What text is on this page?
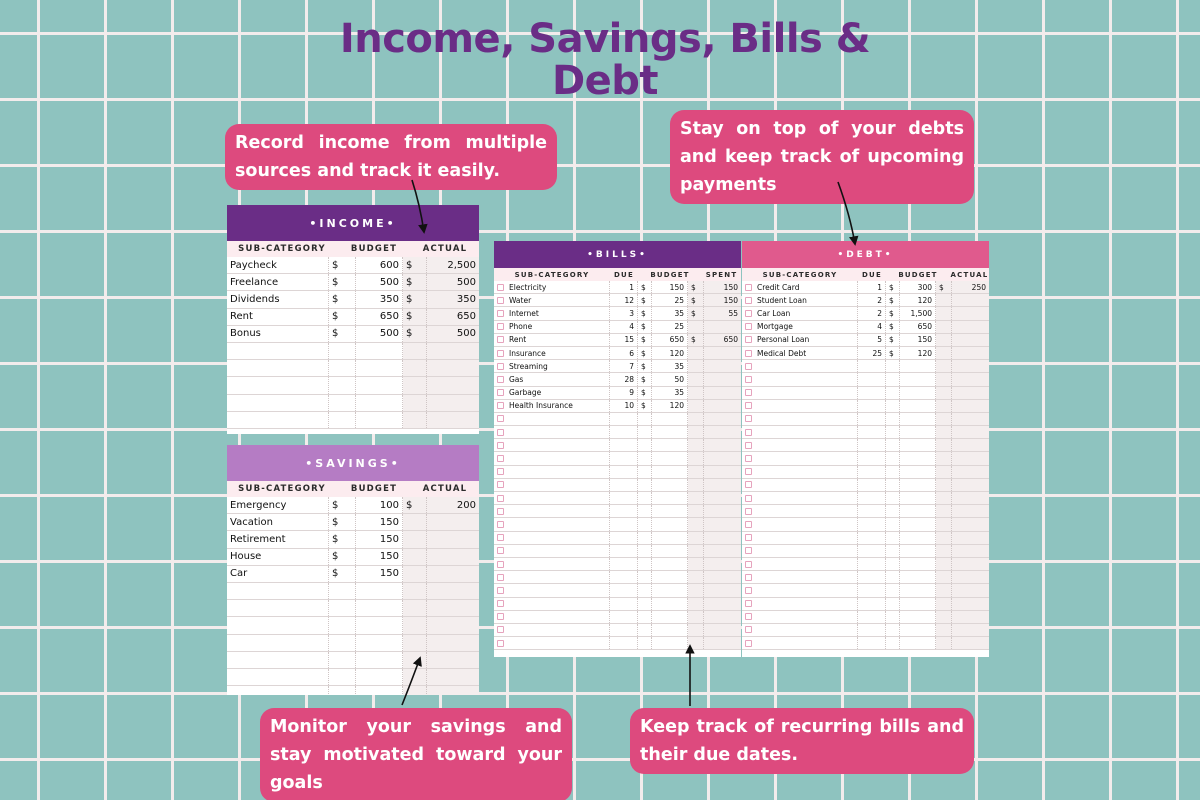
Income, Savings, Bills & Debt
Record income from multiple sources and track it easily.
Stay on top of your debts and keep track of upcoming payments
Monitor your savings and stay motivated toward your goals
Keep track of recurring bills and their due dates.
•INCOME•
SUB-CATEGORY	BUDGET	ACTUAL
Paycheck	$	600 $	2,500
Freelance	$	500 $	500
Dividends	$	350 $	350
Rent	$	650 $	650
Bonus	$	500 $	500
•SAVINGS•
SUB-CATEGORY	BUDGET	ACTUAL
Emergency	$	100 $	200
Vacation	$	150
Retirement	$	150
House	$	150
Car	$	150
•BILLS•
SUB-CATEGORY	DUE	BUDGET	SPENT
Electricity	1 $	150 $	150
Water	12 $	25 $	150
Internet	3 $	35 $	55
Phone	4 $	25
Rent	15 $	650 $	650
Insurance	6 $	120
Streaming	7 $	35
Gas	28 $	50
Garbage	9 $	35
Health Insurance	10 $	120
•DEBT•
SUB-CATEGORY	DUE	BUDGET	ACTUAL
Credit Card	1 $	300 $	250
Student Loan	2 $	120
Car Loan	2 $	1,500
Mortgage	4 $	650
Personal Loan	5 $	150
Medical Debt	25 $	120
